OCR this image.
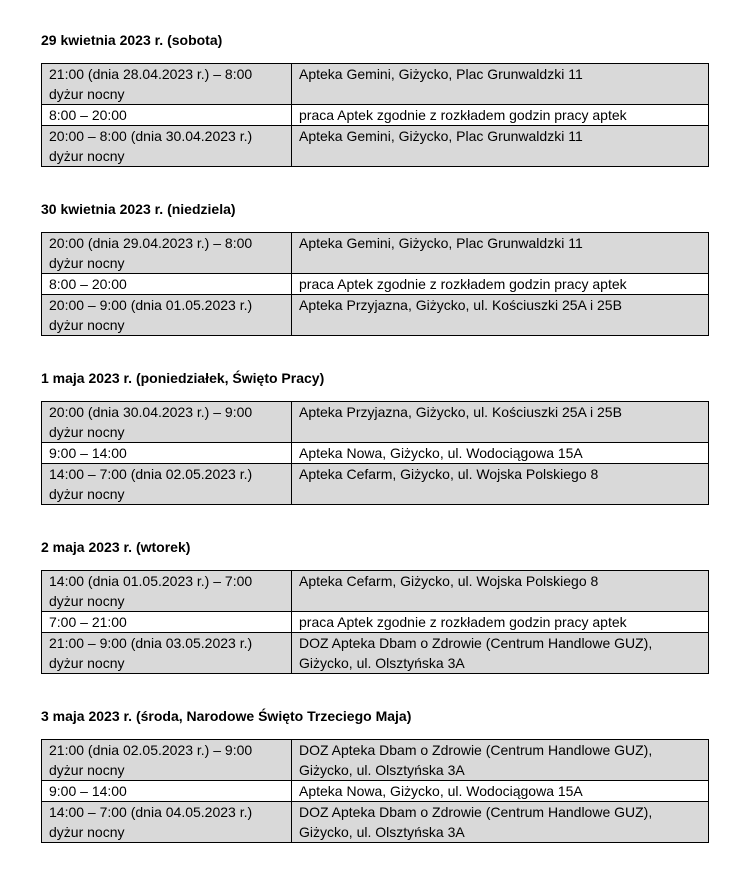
29 kwietnia 2023 r. (sobota)
21:00 (dnia 28.04.2023 r.) – 8:00
dyżur nocny	Apteka Gemini, Giżycko, Plac Grunwaldzki 11
8:00 – 20:00	praca Aptek zgodnie z rozkładem godzin pracy aptek
20:00 – 8:00 (dnia 30.04.2023 r.)
dyżur nocny	Apteka Gemini, Giżycko, Plac Grunwaldzki 11
30 kwietnia 2023 r. (niedziela)
20:00 (dnia 29.04.2023 r.) – 8:00
dyżur nocny	Apteka Gemini, Giżycko, Plac Grunwaldzki 11
8:00 – 20:00	praca Aptek zgodnie z rozkładem godzin pracy aptek
20:00 – 9:00 (dnia 01.05.2023 r.)
dyżur nocny	Apteka Przyjazna, Giżycko, ul. Kościuszki 25A i 25B
1 maja 2023 r. (poniedziałek, Święto Pracy)
20:00 (dnia 30.04.2023 r.) – 9:00
dyżur nocny	Apteka Przyjazna, Giżycko, ul. Kościuszki 25A i 25B
9:00 – 14:00	Apteka Nowa, Giżycko, ul. Wodociągowa 15A
14:00 – 7:00 (dnia 02.05.2023 r.)
dyżur nocny	Apteka Cefarm, Giżycko, ul. Wojska Polskiego 8
2 maja 2023 r. (wtorek)
14:00 (dnia 01.05.2023 r.) – 7:00
dyżur nocny	Apteka Cefarm, Giżycko, ul. Wojska Polskiego 8
7:00 – 21:00	praca Aptek zgodnie z rozkładem godzin pracy aptek
21:00 – 9:00 (dnia 03.05.2023 r.)
dyżur nocny	DOZ Apteka Dbam o Zdrowie (Centrum Handlowe GUZ),
Giżycko, ul. Olsztyńska 3A
3 maja 2023 r. (środa, Narodowe Święto Trzeciego Maja)
21:00 (dnia 02.05.2023 r.) – 9:00
dyżur nocny	DOZ Apteka Dbam o Zdrowie (Centrum Handlowe GUZ),
Giżycko, ul. Olsztyńska 3A
9:00 – 14:00	Apteka Nowa, Giżycko, ul. Wodociągowa 15A
14:00 – 7:00 (dnia 04.05.2023 r.)
dyżur nocny	DOZ Apteka Dbam o Zdrowie (Centrum Handlowe GUZ),
Giżycko, ul. Olsztyńska 3A
